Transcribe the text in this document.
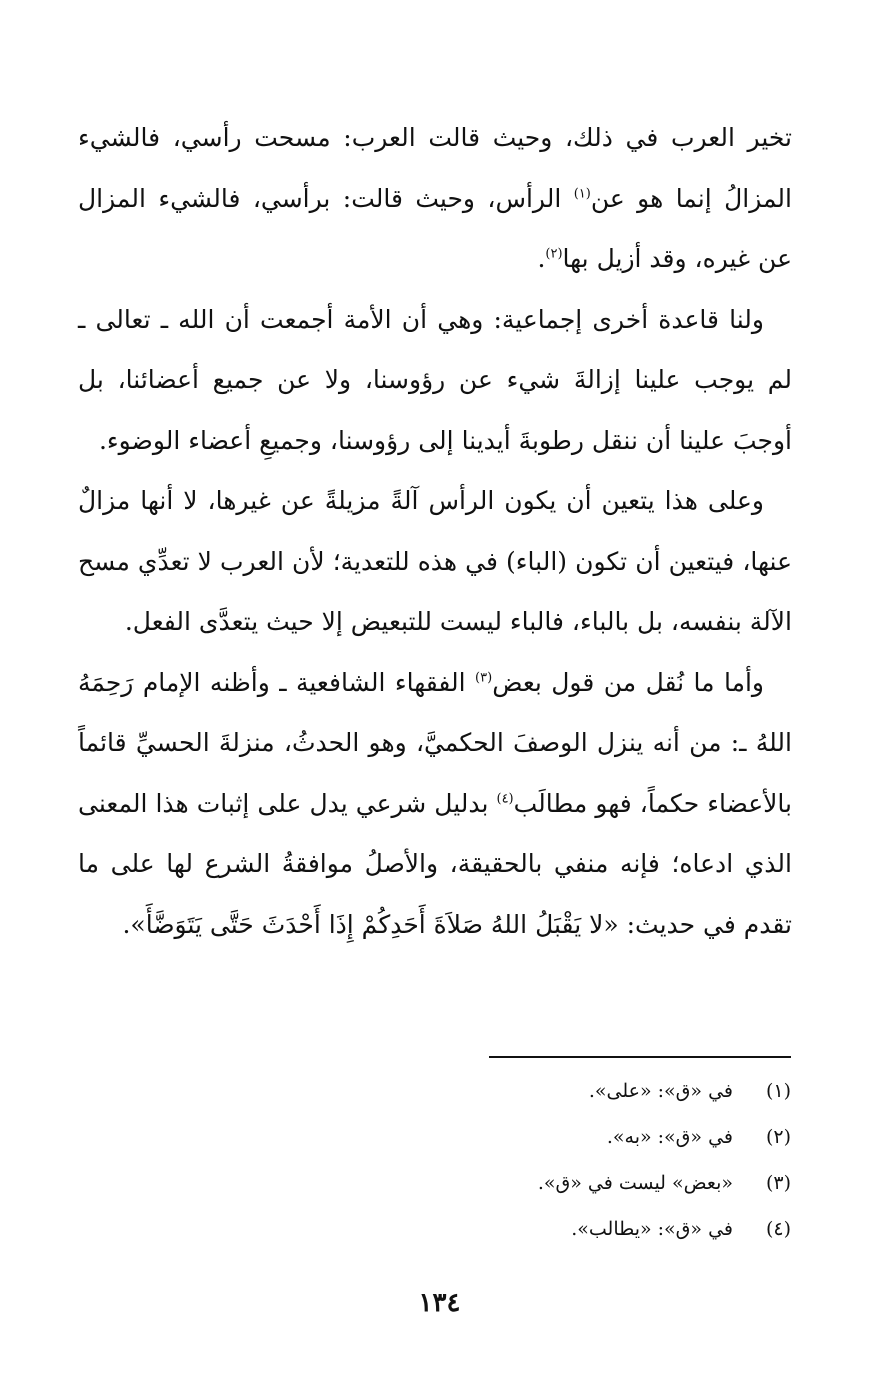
تخير العرب في ذلك، وحيث قالت العرب: مسحت رأسي، فالشيء المزالُ إنما هو عن$^{(١)}$ الرأس، وحيث قالت: برأسي، فالشيء المزال عن غيره، وقد أزيل بها$^{(٢)}$.

ولنا قاعدة أخرى إجماعية: وهي أن الأمة أجمعت أن الله ـ تعالى ـ لم يوجب علينا إزالةَ شيء عن رؤوسنا، ولا عن جميع أعضائنا، بل أوجبَ علينا أن ننقل رطوبةَ أيدينا إلى رؤوسنا، وجميعِ أعضاء الوضوء.

وعلى هذا يتعين أن يكون الرأس آلةً مزيلةً عن غيرها، لا أنها مزالٌ عنها، فيتعين أن تكون (الباء) في هذه للتعدية؛ لأن العرب لا تعدِّي مسح الآلة بنفسه، بل بالباء، فالباء ليست للتبعيض إلا حيث يتعدَّى الفعل.

وأما ما نُقل من قول بعض$^{(٣)}$ الفقهاء الشافعية ـ وأظنه الإمام رَحِمَهُ اللهُ ـ: من أنه ينزل الوصفَ الحكميَّ، وهو الحدثُ، منزلةَ الحسيِّ قائماً بالأعضاء حكماً، فهو مطالَب$^{(٤)}$ بدليل شرعي يدل على إثبات هذا المعنى الذي ادعاه؛ فإنه منفي بالحقيقة، والأصلُ موافقةُ الشرع لها على ما تقدم في حديث: «لا يَقْبَلُ اللهُ صَلاَةَ أَحَدِكُمْ إِذَا أَحْدَثَ حَتَّى يَتَوَضَّأَ».

(١)
في «ق»: «على».
(٢)
في «ق»: «به».
(٣)
«بعض» ليست في «ق».
(٤)
في «ق»: «يطالب».
١٣٤
